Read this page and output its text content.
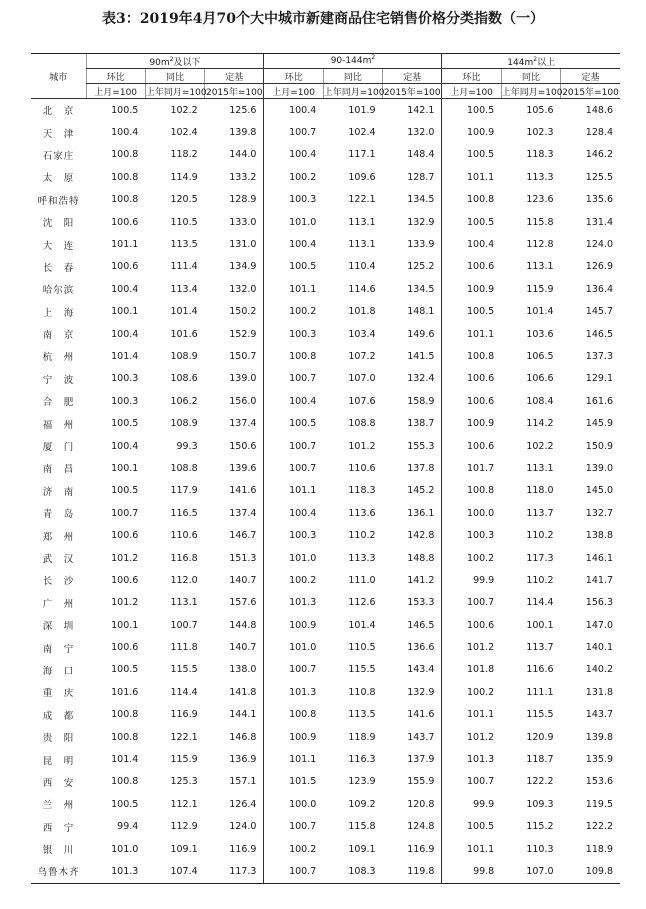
表3：2019年4月70个大中城市新建商品住宅销售价格分类指数（一）
城市	$90m^2$及以下			$90-144m^2$			$144m^2$以上		
	环比	同比	定基	环比	同比	定基	环比	同比	定基
	上月=100	上年同月=100	2015年=100	上月=100	上年同月=100	2015年=100	上月=100	上年同月=100	2015年=100
北　京	100.5	102.2	125.6	100.4	101.9	142.1	100.5	105.6	148.6
天　津	100.4	102.4	139.8	100.7	102.4	132.0	100.9	102.3	128.4
石家庄	100.8	118.2	144.0	100.4	117.1	148.4	100.5	118.3	146.2
太　原	100.8	114.9	133.2	100.2	109.6	128.7	101.1	113.3	125.5
呼和浩特	100.8	120.5	128.9	100.3	122.1	134.5	100.8	123.6	135.6
沈　阳	100.6	110.5	133.0	101.0	113.1	132.9	100.5	115.8	131.4
大　连	101.1	113.5	131.0	100.4	113.1	133.9	100.4	112.8	124.0
长　春	100.6	111.4	134.9	100.5	110.4	125.2	100.6	113.1	126.9
哈尔滨	100.4	113.4	132.0	101.1	114.6	134.5	100.9	115.9	136.4
上　海	100.1	101.4	150.2	100.2	101.8	148.1	100.5	101.4	145.7
南　京	100.4	101.6	152.9	100.3	103.4	149.6	101.1	103.6	146.5
杭　州	101.4	108.9	150.7	100.8	107.2	141.5	100.8	106.5	137.3
宁　波	100.3	108.6	139.0	100.7	107.0	132.4	100.6	106.6	129.1
合　肥	100.3	106.2	156.0	100.4	107.6	158.9	100.6	108.4	161.6
福　州	100.5	108.9	137.4	100.5	108.8	138.7	100.9	114.2	145.9
厦　门	100.4	99.3	150.6	100.7	101.2	155.3	100.6	102.2	150.9
南　昌	100.1	108.8	139.6	100.7	110.6	137.8	101.7	113.1	139.0
济　南	100.5	117.9	141.6	101.1	118.3	145.2	100.8	118.0	145.0
青　岛	100.7	116.5	137.4	100.4	113.6	136.1	100.0	113.7	132.7
郑　州	100.6	110.6	146.7	100.3	110.2	142.8	100.3	110.2	138.8
武　汉	101.2	116.8	151.3	101.0	113.3	148.8	100.2	117.3	146.1
长　沙	100.6	112.0	140.7	100.2	111.0	141.2	99.9	110.2	141.7
广　州	101.2	113.1	157.6	101.3	112.6	153.3	100.7	114.4	156.3
深　圳	100.1	100.7	144.8	100.9	101.4	146.5	100.6	100.1	147.0
南　宁	100.6	111.8	140.7	101.0	110.5	136.6	101.2	113.7	140.1
海　口	100.5	115.5	138.0	100.7	115.5	143.4	101.8	116.6	140.2
重　庆	101.6	114.4	141.8	101.3	110.8	132.9	100.2	111.1	131.8
成　都	100.8	116.9	144.1	100.8	113.5	141.6	101.1	115.5	143.7
贵　阳	100.8	122.1	146.8	100.9	118.9	143.7	101.2	120.9	139.8
昆　明	101.4	115.9	136.9	101.1	116.3	137.9	101.3	118.7	135.9
西　安	100.8	125.3	157.1	101.5	123.9	155.9	100.7	122.2	153.6
兰　州	100.5	112.1	126.4	100.0	109.2	120.8	99.9	109.3	119.5
西　宁	99.4	112.9	124.0	100.7	115.8	124.8	100.5	115.2	122.2
银　川	101.0	109.1	116.9	100.2	109.1	116.9	101.1	110.3	118.9
乌鲁木齐	101.3	107.4	117.3	100.7	108.3	119.8	99.8	107.0	109.8
